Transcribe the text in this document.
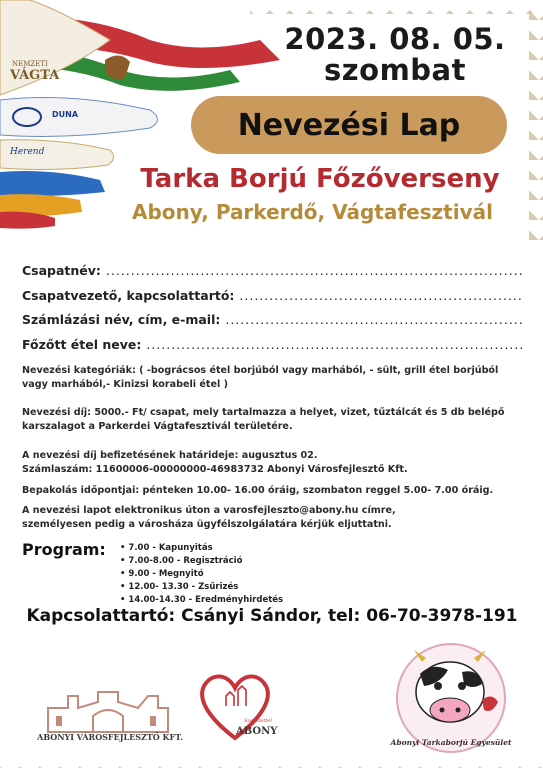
NEMZETI
VÁGTA
DUNA
Herend
2023. 08. 05.
szombat
Nevezési Lap
Tarka Borjú Főzőverseny
Abony, Parkerdő, Vágtafesztivál
Csapatnév: .....
Csapatvezető, kapcsolattartó: .....
Számlázási név, cím, e-mail: .....
Főzőtt étel neve: .....
Nevezési kategóriák: ( -bográcsos étel borjúból vagy marhából, - sült, grill étel borjúból vagy marhából,- Kinizsi korabeli étel )
Nevezési díj: 5000.- Ft/ csapat, mely tartalmazza a helyet, vizet, tűztálcát és 5 db belépő karszalagot a Parkerdei Vágtafesztivál területére.
A nevezési díj befizetésének határideje: augusztus 02.
Számlaszám: 11600006-00000000-46983732 Abonyi Városfejlesztő Kft.
Bepakolás időpontjai: pénteken 10.00- 16.00 óráig, szombaton reggel 5.00- 7.00 óráig.
A nevezési lapot elektronikus úton a varosfejleszto@abony.hu címre,
személyesen pedig a városháza ügyfélszolgálatára kérjük eljuttatni.
Program:
•	7.00 - Kapunyitás
• 7.00-8.00 - Regisztráció
• 9.00 - Megnyitó
• 12.00- 13.30 - Zsűrizés
• 14.00-14.30 - Eredményhirdetés
Kapcsolattartó: Csányi Sándor, tel: 06-70-3978-191
ABONYI VÁROSFEJLESZTŐ KFT.
Szeretettel
ABONY
Abonyi Tarkaborjú Egyesület
